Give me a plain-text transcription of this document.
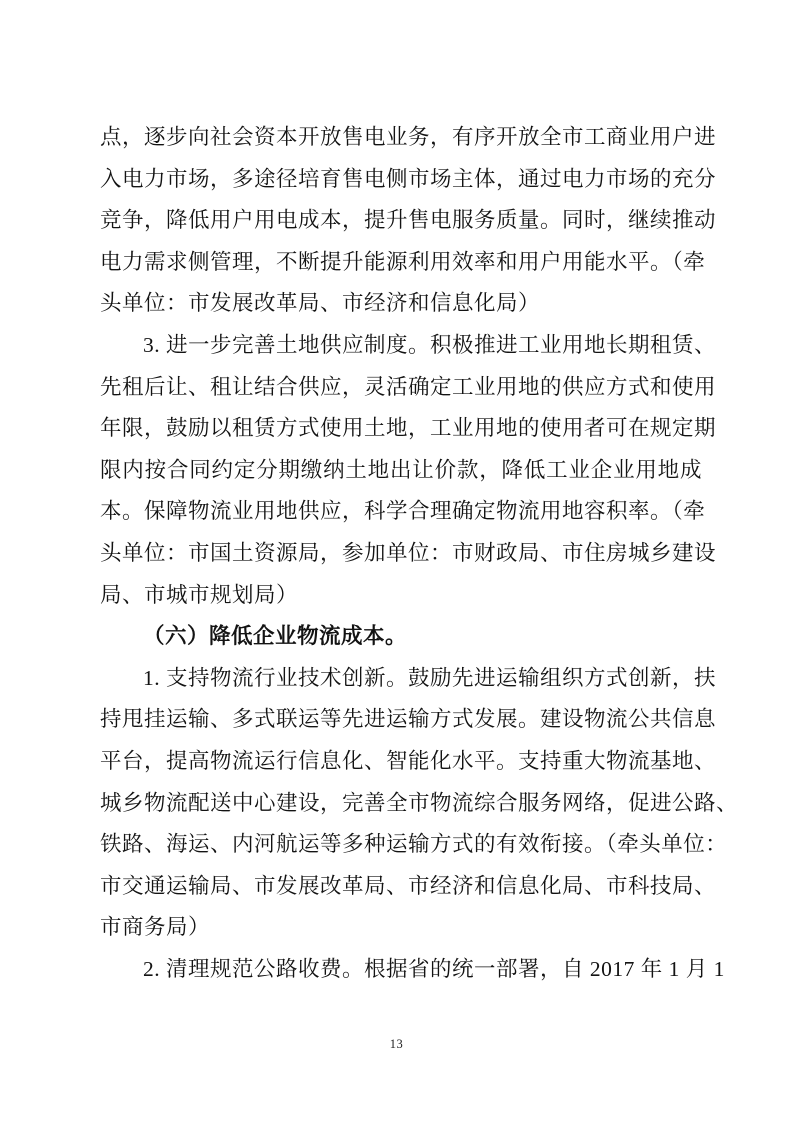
点，逐步向社会资本开放售电业务，有序开放全市工商业用户进
入电力市场，多途径培育售电侧市场主体，通过电力市场的充分
竞争，降低用户用电成本，提升售电服务质量。同时，继续推动
电力需求侧管理，不断提升能源利用效率和用户用能水平。（牵
头单位：市发展改革局、市经济和信息化局）
3. 进一步完善土地供应制度。积极推进工业用地长期租赁、
先租后让、租让结合供应，灵活确定工业用地的供应方式和使用
年限，鼓励以租赁方式使用土地，工业用地的使用者可在规定期
限内按合同约定分期缴纳土地出让价款，降低工业企业用地成
本。保障物流业用地供应，科学合理确定物流用地容积率。（牵
头单位：市国土资源局，参加单位：市财政局、市住房城乡建设
局、市城市规划局）
（六）降低企业物流成本。
1. 支持物流行业技术创新。鼓励先进运输组织方式创新，扶
持甩挂运输、多式联运等先进运输方式发展。建设物流公共信息
平台，提高物流运行信息化、智能化水平。支持重大物流基地、
城乡物流配送中心建设，完善全市物流综合服务网络，促进公路、
铁路、海运、内河航运等多种运输方式的有效衔接。（牵头单位：
市交通运输局、市发展改革局、市经济和信息化局、市科技局、
市商务局）
2. 清理规范公路收费。根据省的统一部署，自 2017 年 1 月 1
13
